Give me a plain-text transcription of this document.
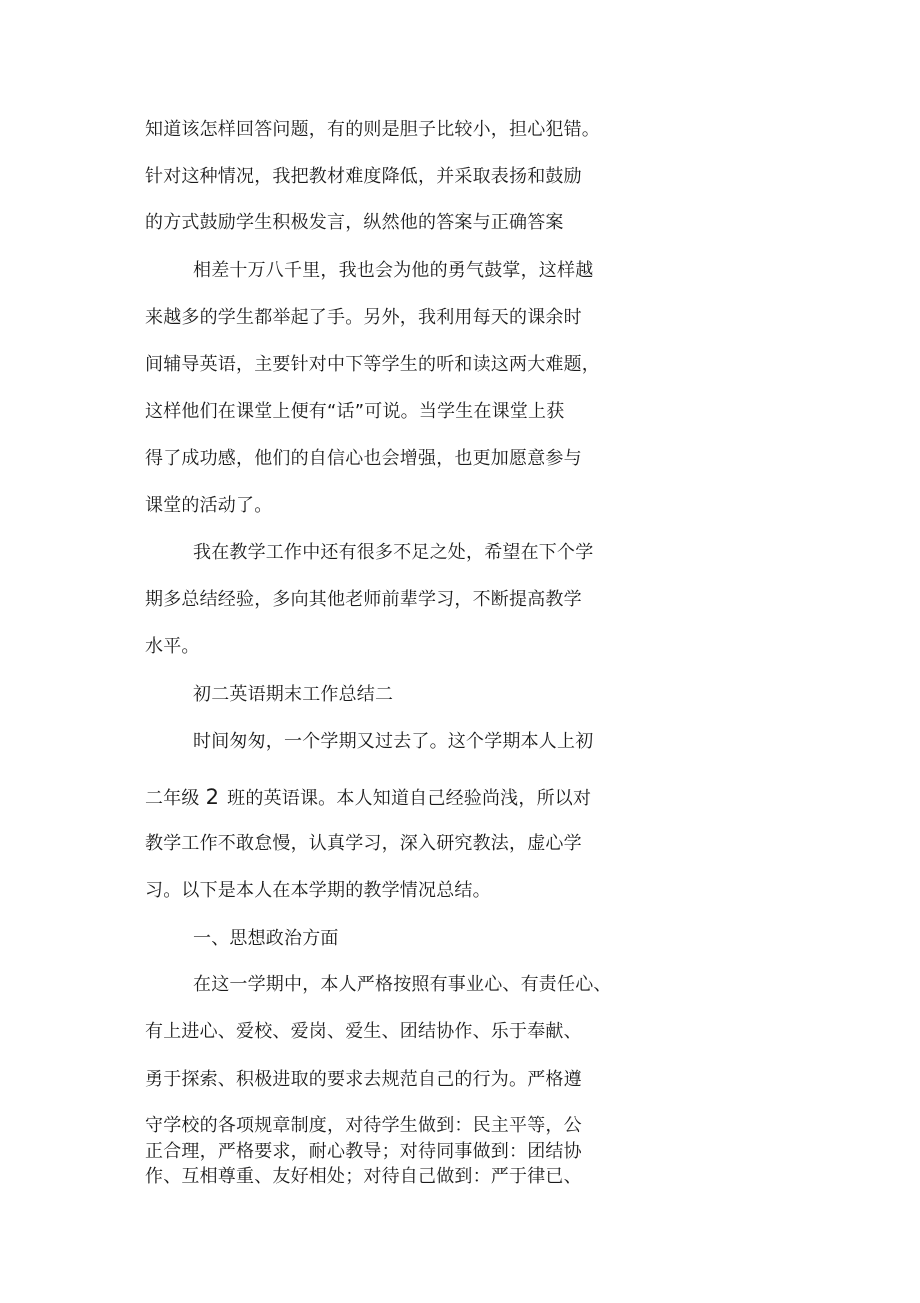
知道该怎样回答问题，有的则是胆子比较小，担心犯错。
针对这种情况，我把教材难度降低，并采取表扬和鼓励
的方式鼓励学生积极发言，纵然他的答案与正确答案
相差十万八千里，我也会为他的勇气鼓掌，这样越
来越多的学生都举起了手。另外，我利用每天的课余时
间辅导英语，主要针对中下等学生的听和读这两大难题，
这样他们在课堂上便有“话”可说。当学生在课堂上获
得了成功感，他们的自信心也会增强，也更加愿意参与
课堂的活动了。
我在教学工作中还有很多不足之处，希望在下个学
期多总结经验，多向其他老师前辈学习，不断提高教学
水平。
初二英语期末工作总结二
时间匆匆，一个学期又过去了。这个学期本人上初
二年级 2 班的英语课。本人知道自己经验尚浅，所以对
教学工作不敢怠慢，认真学习，深入研究教法，虚心学
习。以下是本人在本学期的教学情况总结。
一、思想政治方面
在这一学期中，本人严格按照有事业心、有责任心、
有上进心、爱校、爱岗、爱生、团结协作、乐于奉献、
勇于探索、积极进取的要求去规范自己的行为。严格遵
守学校的各项规章制度，对待学生做到：民主平等，公
正合理，严格要求，耐心教导；对待同事做到：团结协
作、互相尊重、友好相处；对待自己做到：严于律已、
